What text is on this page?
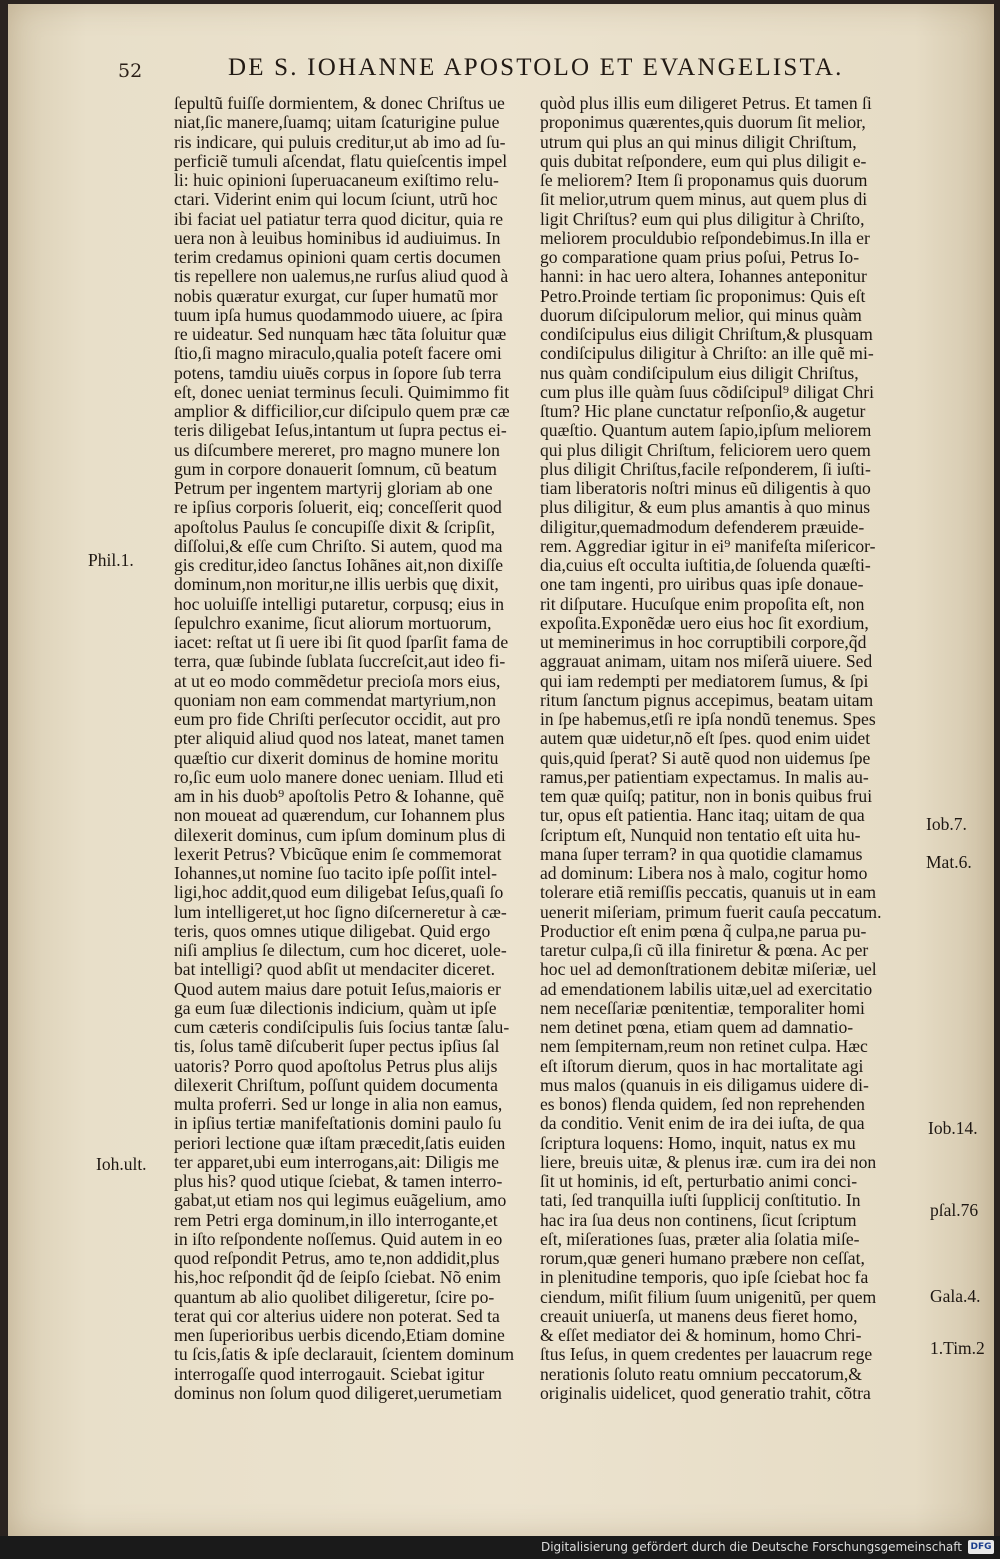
52	DE S. IOHANNE APOSTOLO ET EVANGELISTA.
ſepultũ fuiſſe dormientem, & donec Chriſtus ue
niat,ſic manere,ſuamq; uitam ſcaturigine pulue
ris indicare, qui puluis creditur,ut ab imo ad ſu-
perficiẽ tumuli aſcendat, flatu quieſcentis impel
li: huic opinioni ſuperuacaneum exiſtimo relu-
ctari. Viderint enim qui locum ſciunt, utrũ hoc
ibi faciat uel patiatur terra quod dicitur, quia re
uera non à leuibus hominibus id audiuimus. In
terim credamus opinioni quam certis documen
tis repellere non ualemus,ne rurſus aliud quod à
nobis quæratur exurgat, cur ſuper humatũ mor
tuum ipſa humus quodammodo uiuere, ac ſpira
re uideatur. Sed nunquam hæc tãta ſoluitur quæ
ſtio,ſi magno miraculo,qualia poteſt facere omi
potens, tamdiu uiuẽs corpus in ſopore ſub terra
eſt, donec ueniat terminus ſeculi. Quimimmo fit
amplior & difficilior,cur diſcipulo quem præ cæ
teris diligebat Ieſus,intantum ut ſupra pectus ei-
us diſcumbere mereret, pro magno munere lon
gum in corpore donauerit ſomnum, cũ beatum
Petrum per ingentem martyrij gloriam ab one
re ipſius corporis ſoluerit, eiq; conceſſerit quod
apoſtolus Paulus ſe concupiſſe dixit & ſcripſit,
diſſolui,& eſſe cum Chriſto. Si autem, quod ma
gis creditur,ideo ſanctus Iohãnes ait,non dixiſſe
dominum,non moritur,ne illis uerbis quę dixit,
hoc uoluiſſe intelligi putaretur, corpusq; eius in
ſepulchro exanime, ſicut aliorum mortuorum,
iacet: reſtat ut ſi uere ibi ſit quod ſparſit fama de
terra, quæ ſubinde ſublata ſuccreſcit,aut ideo fi-
at ut eo modo commẽdetur precioſa mors eius,
quoniam non eam commendat martyrium,non
eum pro fide Chriſti perſecutor occidit, aut pro
pter aliquid aliud quod nos lateat, manet tamen
quæſtio cur dixerit dominus de homine moritu
ro,ſic eum uolo manere donec ueniam. Illud eti
am in his duob⁹ apoſtolis Petro & Iohanne, quẽ
non moueat ad quærendum, cur Iohannem plus
dilexerit dominus, cum ipſum dominum plus di
lexerit Petrus? Vbicũque enim ſe commemorat
Iohannes,ut nomine ſuo tacito ipſe poſſit intel-
ligi,hoc addit,quod eum diligebat Ieſus,quaſi ſo
lum intelligeret,ut hoc ſigno diſcerneretur à cæ-
teris, quos omnes utique diligebat. Quid ergo
niſi amplius ſe dilectum, cum hoc diceret, uole-
bat intelligi? quod abſit ut mendaciter diceret.
Quod autem maius dare potuit Ieſus,maioris er
ga eum ſuæ dilectionis indicium, quàm ut ipſe
cum cæteris condiſcipulis ſuis ſocius tantæ ſalu-
tis, ſolus tamẽ diſcuberit ſuper pectus ipſius ſal
uatoris? Porro quod apoſtolus Petrus plus alijs
dilexerit Chriſtum, poſſunt quidem documenta
multa proferri. Sed ur longe in alia non eamus,
in ipſius tertiæ manifeſtationis domini paulo ſu
periori lectione quæ iſtam præcedit,ſatis euiden
ter apparet,ubi eum interrogans,ait: Diligis me
plus his? quod utique ſciebat, & tamen interro-
gabat,ut etiam nos qui legimus euãgelium, amo
rem Petri erga dominum,in illo interrogante,et
in iſto reſpondente noſſemus. Quid autem in eo
quod reſpondit Petrus, amo te,non addidit,plus
his,hoc reſpondit q̃d de ſeipſo ſciebat. Nõ enim
quantum ab alio quolibet diligeretur, ſcire po-
terat qui cor alterius uidere non poterat. Sed ta
men ſuperioribus uerbis dicendo,Etiam domine
tu ſcis,ſatis & ipſe declarauit, ſcientem dominum
interrogaſſe quod interrogauit. Sciebat igitur
dominus non ſolum quod diligeret,uerumetiam
quòd plus illis eum diligeret Petrus. Et tamen ſi
proponimus quærentes,quis duorum ſit melior,
utrum qui plus an qui minus diligit Chriſtum,
quis dubitat reſpondere, eum qui plus diligit e-
ſe meliorem? Item ſi proponamus quis duorum
ſit melior,utrum quem minus, aut quem plus di
ligit Chriſtus? eum qui plus diligitur à Chriſto,
meliorem proculdubio reſpondebimus.In illa er
go comparatione quam prius poſui, Petrus Io-
hanni: in hac uero altera, Iohannes anteponitur
Petro.Proinde tertiam ſic proponimus: Quis eſt
duorum diſcipulorum melior, qui minus quàm
condiſcipulus eius diligit Chriſtum,& plusquam
condiſcipulus diligitur à Chriſto: an ille quẽ mi-
nus quàm condiſcipulum eius diligit Chriſtus,
cum plus ille quàm ſuus cõdiſcipul⁹ diligat Chri
ſtum? Hic plane cunctatur reſponſio,& augetur
quæſtio. Quantum autem ſapio,ipſum meliorem
qui plus diligit Chriſtum, feliciorem uero quem
plus diligit Chriſtus,facile reſponderem, ſi iuſti-
tiam liberatoris noſtri minus eũ diligentis à quo
plus diligitur, & eum plus amantis à quo minus
diligitur,quemadmodum defenderem præuide-
rem. Aggrediar igitur in ei⁹ manifeſta miſericor-
dia,cuius eſt occulta iuſtitia,de ſoluenda quæſti-
one tam ingenti, pro uiribus quas ipſe donaue-
rit diſputare. Hucuſque enim propoſita eſt, non
expoſita.Exponẽdæ uero eius hoc ſit exordium,
ut meminerimus in hoc corruptibili corpore,q̃d
aggrauat animam, uitam nos miſerã uiuere. Sed
qui iam redempti per mediatorem ſumus, & ſpi
ritum ſanctum pignus accepimus, beatam uitam
in ſpe habemus,etſi re ipſa nondũ tenemus. Spes
autem quæ uidetur,nõ eſt ſpes. quod enim uidet
quis,quid ſperat? Si autẽ quod non uidemus ſpe
ramus,per patientiam expectamus. In malis au-
tem quæ quiſq; patitur, non in bonis quibus frui
tur, opus eſt patientia. Hanc itaq; uitam de qua
ſcriptum eſt, Nunquid non tentatio eſt uita hu-
mana ſuper terram? in qua quotidie clamamus
ad dominum: Libera nos à malo, cogitur homo
tolerare etiã remiſſis peccatis, quanuis ut in eam
uenerit miſeriam, primum fuerit cauſa peccatum.
Productior eſt enim pœna q̃ culpa,ne parua pu-
taretur culpa,ſi cũ illa finiretur & pœna. Ac per
hoc uel ad demonſtrationem debitæ miſeriæ, uel
ad emendationem labilis uitæ,uel ad exercitatio
nem neceſſariæ pœnitentiæ, temporaliter homi
nem detinet pœna, etiam quem ad damnatio-
nem ſempiternam,reum non retinet culpa. Hæc
eſt iſtorum dierum, quos in hac mortalitate agi
mus malos (quanuis in eis diligamus uidere di-
es bonos) flenda quidem, ſed non reprehenden
da conditio. Venit enim de ira dei iuſta, de qua
ſcriptura loquens: Homo, inquit, natus ex mu
liere, breuis uitæ, & plenus iræ. cum ira dei non
ſit ut hominis, id eſt, perturbatio animi conci-
tati, ſed tranquilla iuſti ſupplicij conſtitutio. In
hac ira ſua deus non continens, ſicut ſcriptum
eſt, miſerationes ſuas, præter alia ſolatia miſe-
rorum,quæ generi humano præbere non ceſſat,
in plenitudine temporis, quo ipſe ſciebat hoc fa
ciendum, miſit filium ſuum unigenitũ, per quem
creauit uniuerſa, ut manens deus fieret homo,
& eſſet mediator dei & hominum, homo Chri-
ſtus Ieſus, in quem credentes per lauacrum rege
nerationis ſoluto reatu omnium peccatorum,&
originalis uidelicet, quod generatio trahit, cõtra
Phil.1.
Ioh.ult.
Iob.7.
Mat.6.
Iob.14.
pſal.76
Gala.4.
1.Tim.2
Digitalisierung gefördert durch die Deutsche Forschungsgemeinschaft DFG
